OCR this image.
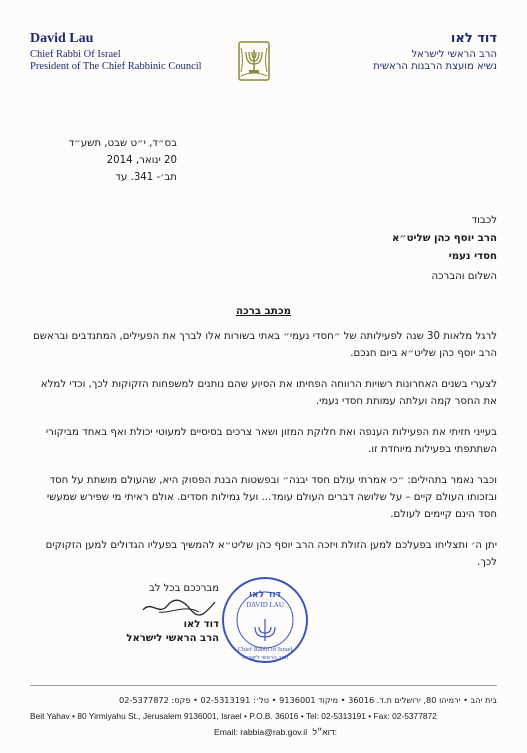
David Lau
Chief Rabbi Of Israel
President of The Chief Rabbinic Council
דוד לאו
הרב הראשי לישראל
נשיא מועצת הרבנות הראשית
בס״ד, י״ט שבט, תשע״ד
20 ינואר, 2014
תב׳- 341. עד
לכבוד
הרב יוסף כהן שליט״א
חסדי נעמי
השלום והברכה
מכתב ברכה

לרגל מלאות 30 שנה לפעילותה של ״חסדי נעמי״ באתי בשורות אלו לברך את הפעילים, המתנדבים ובראשם הרב יוסף כהן שליט״א ביום חגכם.

לצערי בשנים האחרונות רשויות הרווחה הפחיתו את הסיוע שהם נותנים למשפחות הזקוקות לכך, וכדי למלא את החסר קמה ועלתה עמותת חסדי נעמי.

בעייני חזיתי את הפעילות הענפה ואת חלוקת המזון ושאר צרכים בסיסיים למעוטי יכולת ואף באחד מביקורי השתתפתי בפעילות מיוחדת זו.

וכבר נאמר בתהילים: ״כי אמרתי עולם חסד יבנה״ ובפשטות הבנת הפסוק היא, שהעולם מושתת על חסד ובזכותו העולם קיים – על שלושה דברים העולם עומד... ועל גמילות חסדים. אולם ראיתי מי שפירש שמעשי חסד הינם קיימים לעולם.

יתן ה׳ ותצליחו בפעלכם למען הזולת ויזכה הרב יוסף כהן שליט״א להמשיך בפעליו הגדולים למען הזקוקים לכך.

מברככם בכל לב
דוד לאו
הרב הראשי לישראל
דוד לאו
DAVID LAU
Chief Rabbi of Israel
הרב הראשי לישראל
בית יהב • ירמיהו 80, ירושלים ת.ד. 36016 • מיקוד 9136001 • טל׳: 02-5313191 • פקס: 02-5377872
Beit Yahav • 80 Yirmiyahu St., Jerusalem 9136001, Israel • P.O.B. 36016 • Tel: 02-5313191 • Fax: 02-5377872
Email: rabbia@rab.gov.il דוא״ל:
